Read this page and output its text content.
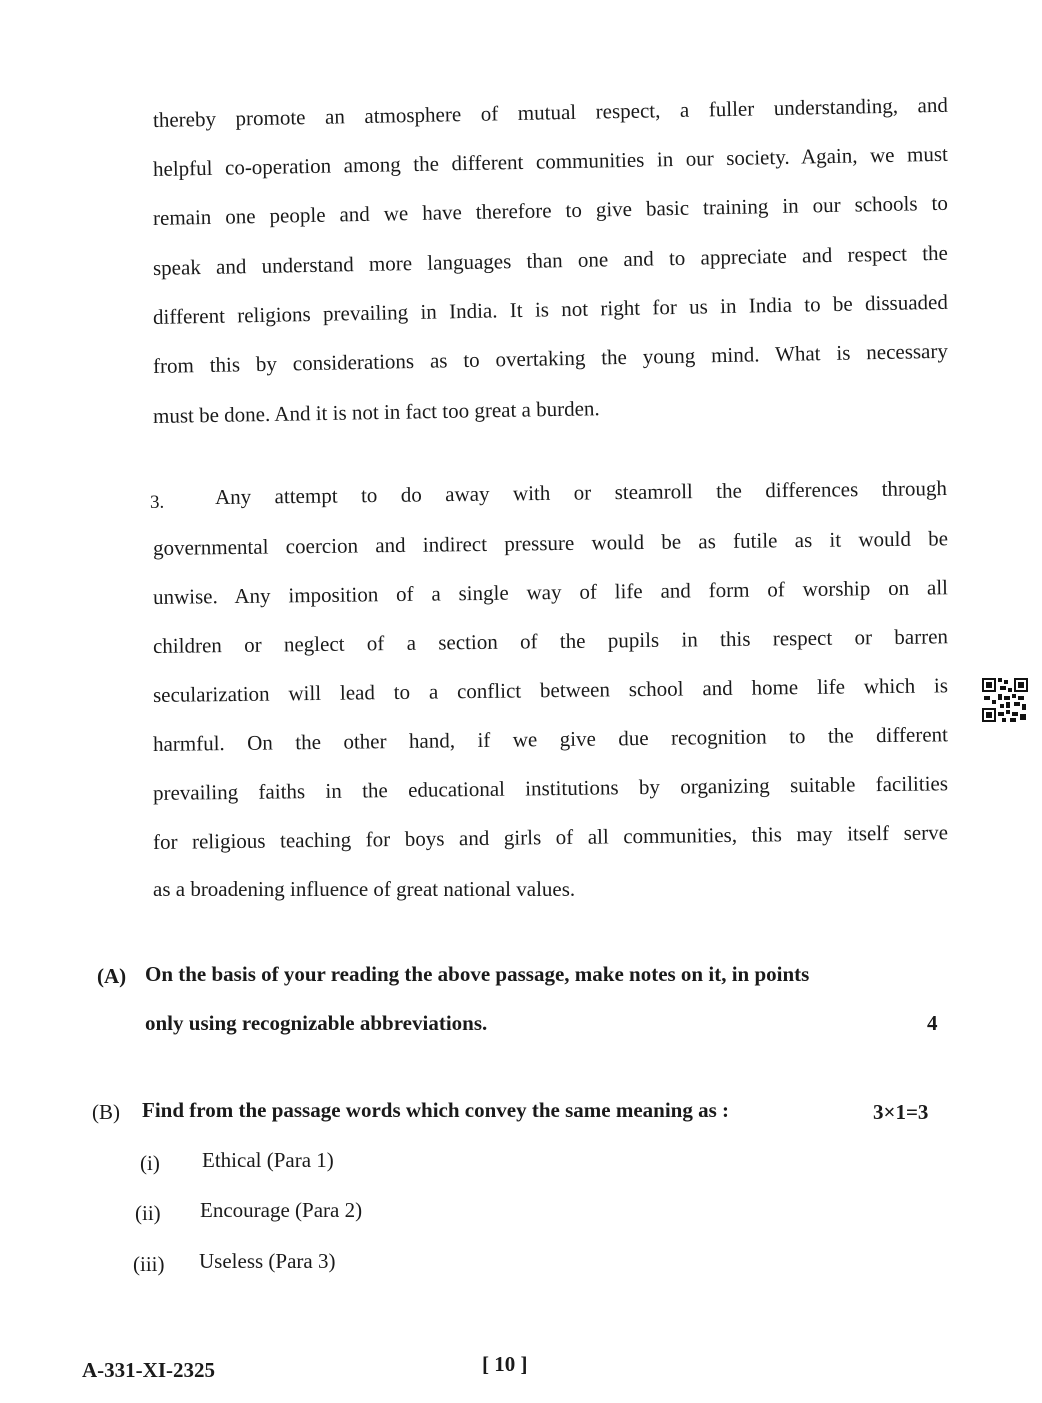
thereby promote an atmosphere of mutual respect, a fuller understanding, and
helpful co-operation among the different communities in our society. Again, we must
remain one people and we have therefore to give basic training in our schools to
speak and understand more languages than one and to appreciate and respect the
different religions prevailing in India. It is not right for us in India to be dissuaded
from this by considerations as to overtaking the young mind. What is necessary
must be done. And it is not in fact too great a burden.
3. Any attempt to do away with or steamroll the differences through
governmental coercion and indirect pressure would be as futile as it would be
unwise. Any imposition of a single way of life and form of worship on all
children or neglect of a section of the pupils in this respect or barren
secularization will lead to a conflict between school and home life which is
harmful. On the other hand, if we give due recognition to the different
prevailing faiths in the educational institutions by organizing suitable facilities
for religious teaching for boys and girls of all communities, this may itself serve
as a broadening influence of great national values.
(A) On the basis of your reading the above passage, make notes on it, in points
only using recognizable abbreviations.	4
(B) Find from the passage words which convey the same meaning as :	3×1=3
(i) Ethical (Para 1)
(ii) Encourage (Para 2)
(iii) Useless (Para 3)
A-331-XI-2325	[ 10 ]
